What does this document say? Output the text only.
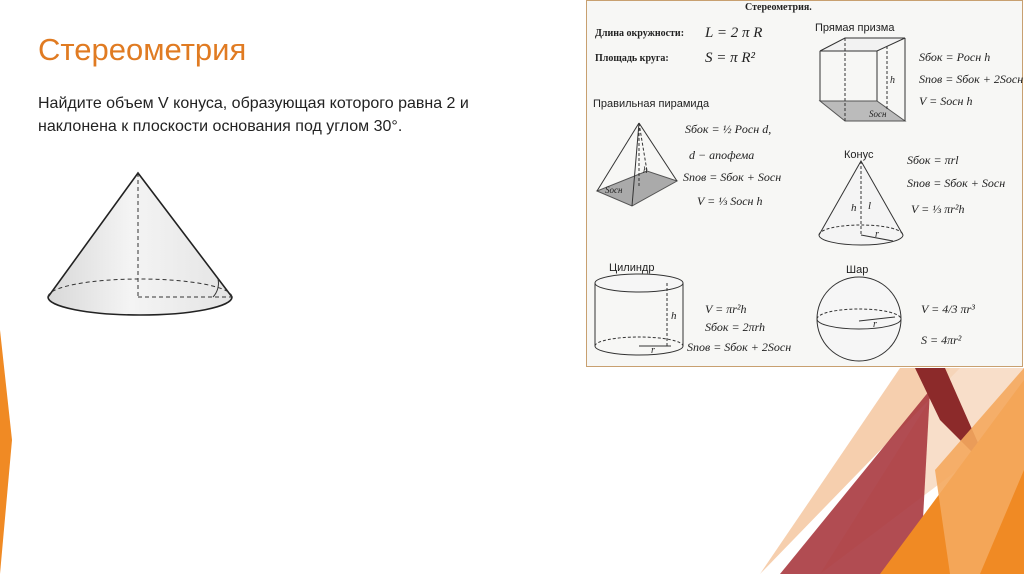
Стереометрия
Найдите объем V конуса, образующая которого равна 2 и наклонена к плоскости основания под углом 30°.
Стереометрия.
Длина окружности: L = 2 π R
Площадь круга: S = π R²
Прямая призма
h
Sосн
Sбок = Pосн h
Sпов = Sбок + 2Sосн
V = Sосн h
Правильная пирамида
h
Sосн
Sбок = ½ Pосн d,
d − апофема
Sпов = Sбок + Sосн
V = ⅓ Sосн h
Конус
h l
r
Sбок = πrl
Sпов = Sбок + Sосн
V = ⅓ πr²h
Цилиндр
h
r
V = πr²h
Sбок = 2πrh
Sпов = Sбок + 2Sосн
Шар
r
V = 4/3 πr³
S = 4πr²
